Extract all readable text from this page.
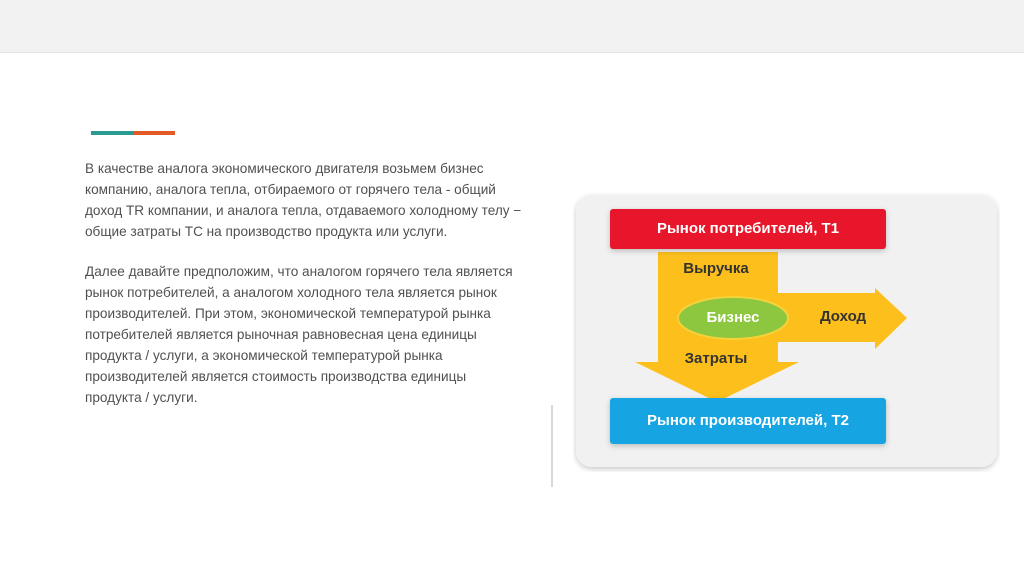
В качестве аналога экономического двигателя возьмем бизнес компанию, аналога тепла, отбираемого от горячего тела - общий доход TR компании, и аналога тепла, отдаваемого холодному телу − общие затраты TC на производство продукта или услуги.

Далее давайте предположим, что аналогом горячего тела является рынок потребителей, а аналогом холодного тела является рынок производителей. При этом, экономической температурой рынка потребителей является рыночная равновесная цена единицы продукта / услуги, а экономической температурой рынка производителей является стоимость производства единицы продукта / услуги.

Рынок потребителей, Т1
Рынок производителей, Т2
Выручка
Бизнес	Доход
Затраты
